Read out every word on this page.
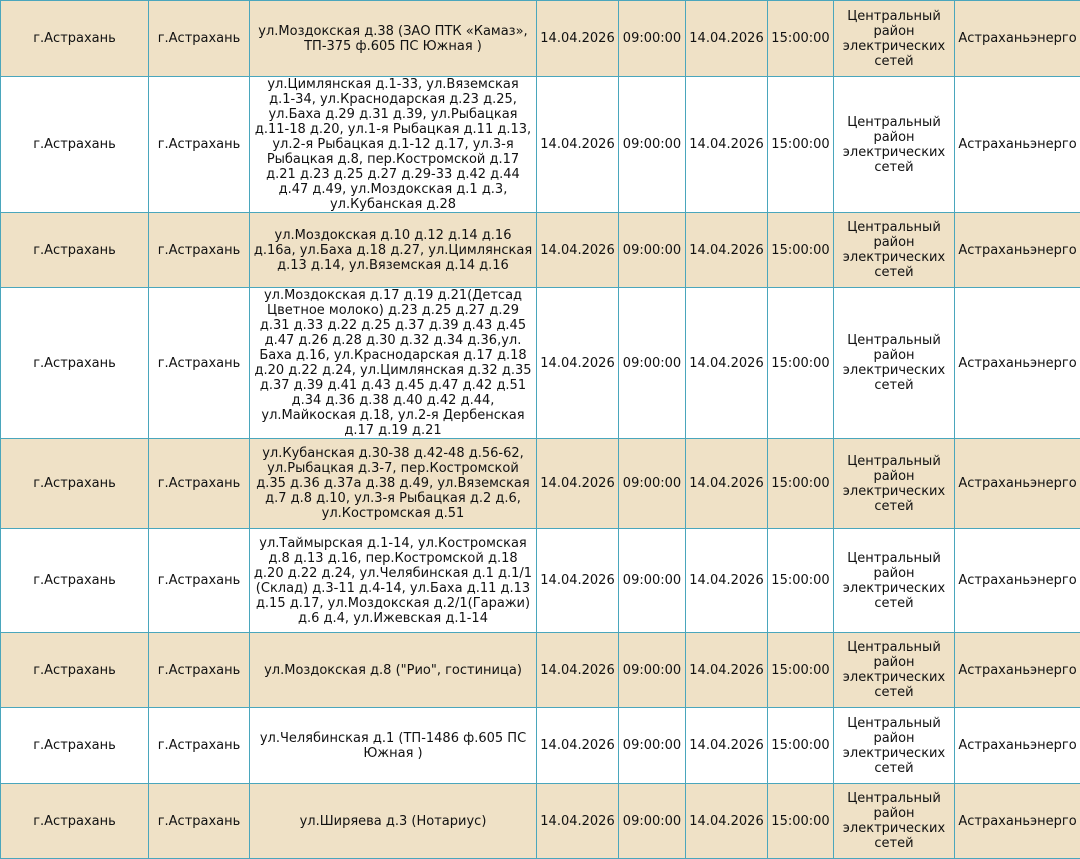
г.Астрахань	г.Астрахань	ул.Моздокская д.38 (ЗАО ПТК «Камаз», ТП-375 ф.605 ПС Южная )	14.04.2026	09:00:00	14.04.2026	15:00:00	Центральный район электрических сетей	Астраханьэнерго
г.Астрахань	г.Астрахань	ул.Цимлянская д.1-33, ул.Вяземская д.1-34, ул.Краснодарская д.23 д.25, ул.Баха д.29 д.31 д.39, ул.Рыбацкая д.11-18 д.20, ул.1-я Рыбацкая д.11 д.13, ул.2-я Рыбацкая д.1-12 д.17, ул.3-я Рыбацкая д.8, пер.Костромской д.17 д.21 д.23 д.25 д.27 д.29-33 д.42 д.44 д.47 д.49, ул.Моздокская д.1 д.3, ул.Кубанская д.28	14.04.2026	09:00:00	14.04.2026	15:00:00	Центральный район электрических сетей	Астраханьэнерго
г.Астрахань	г.Астрахань	ул.Моздокская д.10 д.12 д.14 д.16 д.16а, ул.Баха д.18 д.27, ул.Цимлянская д.13 д.14, ул.Вяземская д.14 д.16	14.04.2026	09:00:00	14.04.2026	15:00:00	Центральный район электрических сетей	Астраханьэнерго
г.Астрахань	г.Астрахань	ул.Моздокская д.17 д.19 д.21(Детсад Цветное молоко) д.23 д.25 д.27 д.29 д.31 д.33 д.22 д.25 д.37 д.39 д.43 д.45 д.47 д.26 д.28 д.30 д.32 д.34 д.36,ул. Баха д.16, ул.Краснодарская д.17 д.18 д.20 д.22 д.24, ул.Цимлянская д.32 д.35 д.37 д.39 д.41 д.43 д.45 д.47 д.42 д.51 д.34 д.36 д.38 д.40 д.42 д.44, ул.Майкоская д.18, ул.2-я Дербенская д.17 д.19 д.21	14.04.2026	09:00:00	14.04.2026	15:00:00	Центральный район электрических сетей	Астраханьэнерго
г.Астрахань	г.Астрахань	ул.Кубанская д.30-38 д.42-48 д.56-62, ул.Рыбацкая д.3-7, пер.Костромской д.35 д.36 д.37а д.38 д.49, ул.Вяземская д.7 д.8 д.10, ул.3-я Рыбацкая д.2 д.6, ул.Костромская д.51	14.04.2026	09:00:00	14.04.2026	15:00:00	Центральный район электрических сетей	Астраханьэнерго
г.Астрахань	г.Астрахань	ул.Таймырская д.1-14, ул.Костромская д.8 д.13 д.16, пер.Костромской д.18 д.20 д.22 д.24, ул.Челябинская д.1 д.1/1 (Склад) д.3-11 д.4-14, ул.Баха д.11 д.13 д.15 д.17, ул.Моздокская д.2/1(Гаражи) д.6 д.4, ул.Ижевская д.1-14	14.04.2026	09:00:00	14.04.2026	15:00:00	Центральный район электрических сетей	Астраханьэнерго
г.Астрахань	г.Астрахань	ул.Моздокская д.8 ("Рио", гостиница)	14.04.2026	09:00:00	14.04.2026	15:00:00	Центральный район электрических сетей	Астраханьэнерго
г.Астрахань	г.Астрахань	ул.Челябинская д.1 (ТП-1486 ф.605 ПС Южная )	14.04.2026	09:00:00	14.04.2026	15:00:00	Центральный район электрических сетей	Астраханьэнерго
г.Астрахань	г.Астрахань	ул.Ширяева д.3 (Нотариус)	14.04.2026	09:00:00	14.04.2026	15:00:00	Центральный район электрических сетей	Астраханьэнерго
